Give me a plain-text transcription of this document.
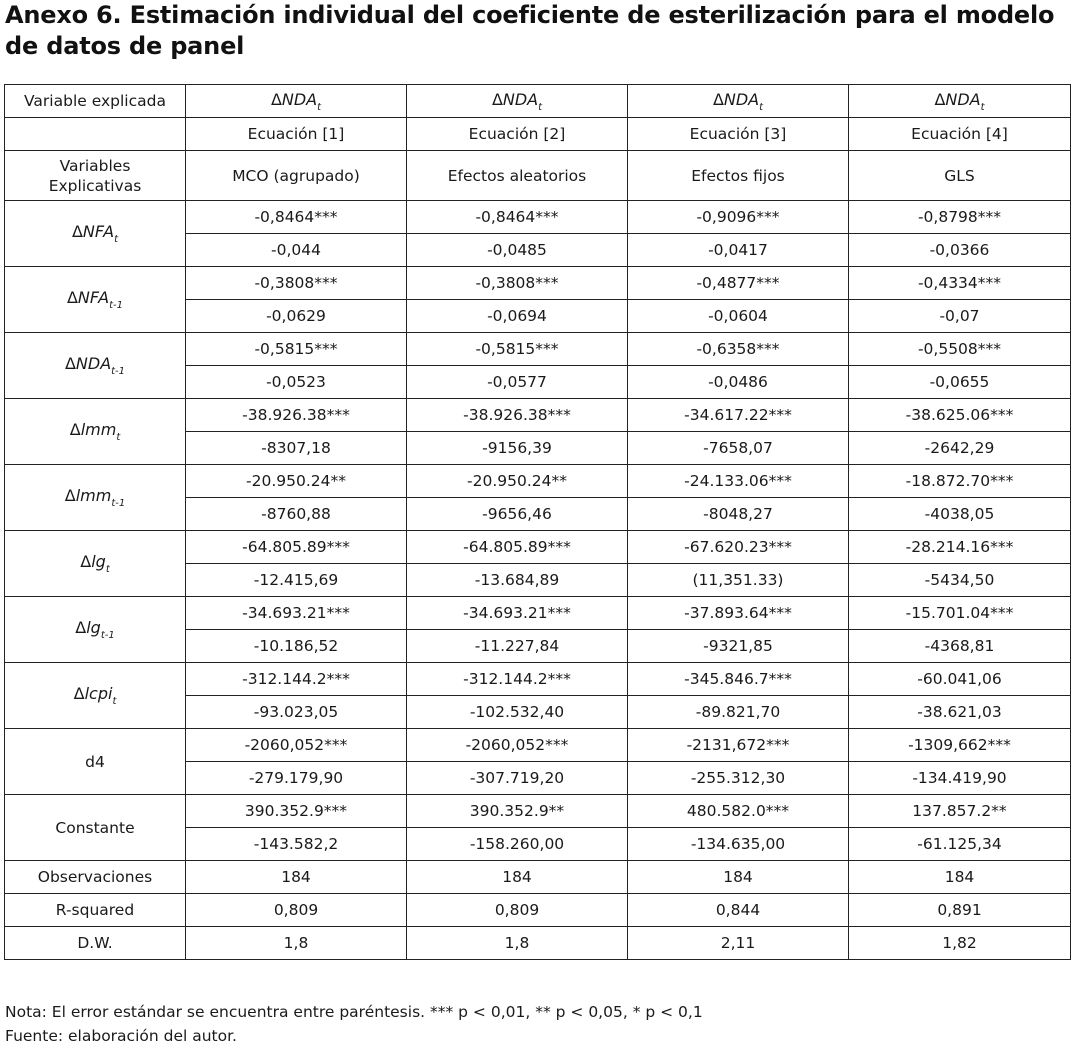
Anexo 6. Estimación individual del coeficiente de esterilización para el modelo de datos de panel
Variable explicada	$\Delta NDA_t$	$\Delta NDA_t$	$\Delta NDA_t$	$\Delta NDA_t$
	Ecuación [1]	Ecuación [2]	Ecuación [3]	Ecuación [4]
Variables
Explicativas	MCO (agrupado)	Efectos aleatorios	Efectos fijos	GLS
$\Delta NFA_t$	-0,8464***	-0,8464***	-0,9096***	-0,8798***
	-0,044	-0,0485	-0,0417	-0,0366
$\Delta NFA_{t-1}$	-0,3808***	-0,3808***	-0,4877***	-0,4334***
	-0,0629	-0,0694	-0,0604	-0,07
$\Delta NDA_{t-1}$	-0,5815***	-0,5815***	-0,6358***	-0,5508***
	-0,0523	-0,0577	-0,0486	-0,0655
Δlmm$_t$	-38.926.38***	-38.926.38***	-34.617.22***	-38.625.06***
	-8307,18	-9156,39	-7658,07	-2642,29
Δlmm$_{t-1}$	-20.950.24**	-20.950.24**	-24.133.06***	-18.872.70***
	-8760,88	-9656,46	-8048,27	-4038,05
Δlg$_t$	-64.805.89***	-64.805.89***	-67.620.23***	-28.214.16***
	-12.415,69	-13.684,89	(11,351.33)	-5434,50
Δlg$_{t-1}$	-34.693.21***	-34.693.21***	-37.893.64***	-15.701.04***
	-10.186,52	-11.227,84	-9321,85	-4368,81
Δlcpi$_t$	-312.144.2***	-312.144.2***	-345.846.7***	-60.041,06
	-93.023,05	-102.532,40	-89.821,70	-38.621,03
d4	-2060,052***	-2060,052***	-2131,672***	-1309,662***
	-279.179,90	-307.719,20	-255.312,30	-134.419,90
Constante	390.352.9***	390.352.9**	480.582.0***	137.857.2**
	-143.582,2	-158.260,00	-134.635,00	-61.125,34
Observaciones	184	184	184	184
R-squared	0,809	0,809	0,844	0,891
D.W.	1,8	1,8	2,11	1,82
Nota: El error estándar se encuentra entre paréntesis. *** p < 0,01, ** p < 0,05, * p < 0,1
Fuente: elaboración del autor.
